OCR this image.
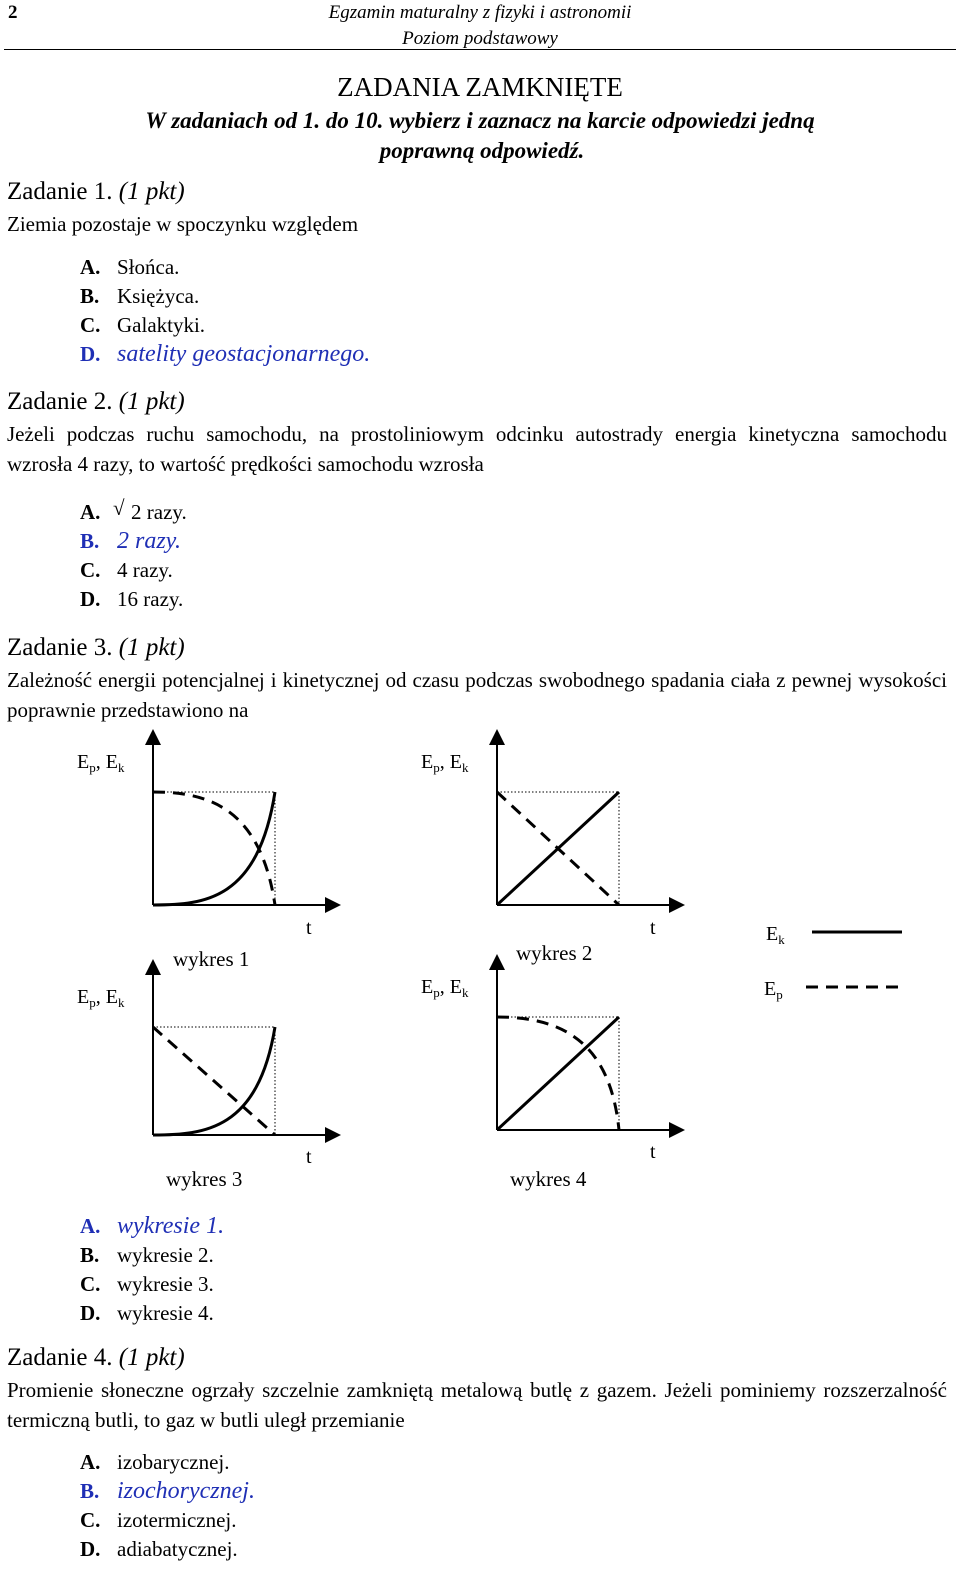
2	Egzamin maturalny z fizyki i astronomii
Poziom podstawowy
ZADANIA ZAMKNIĘTE
W zadaniach od 1. do 10. wybierz i zaznacz na karcie odpowiedzi jedną
poprawną odpowiedź.
Zadanie 1. (1 pkt)
Ziemia pozostaje w spoczynku względem
A. Słońca.
B. Księżyca.
C. Galaktyki.
D. satelity geostacjonarnego.
Zadanie 2. (1 pkt)
Jeżeli podczas ruchu samochodu, na prostoliniowym odcinku autostrady energia kinetyczna samochodu wzrosła 4 razy, to wartość prędkości samochodu wzrosła
A. √ 2 razy.
B. 2 razy.
C. 4 razy.
D. 16 razy.
Zadanie 3. (1 pkt)
Zależność energii potencjalnej i kinetycznej od czasu podczas swobodnego spadania ciała z pewnej wysokości poprawnie przedstawiono na
$E_p$, $E_k$
t
wykres 1
$E_p$, $E_k$
t
wykres 2
$E_p$, $E_k$
t
wykres 3
$E_p$, $E_k$
t
wykres 4
$E_k$
$E_p$
A. wykresie 1.
B. wykresie 2.
C. wykresie 3.
D. wykresie 4.
Zadanie 4. (1 pkt)
Promienie słoneczne ogrzały szczelnie zamkniętą metalową butlę z gazem. Jeżeli pominiemy rozszerzalność termiczną butli, to gaz w butli uległ przemianie
A. izobarycznej.
B. izochorycznej.
C. izotermicznej.
D. adiabatycznej.
